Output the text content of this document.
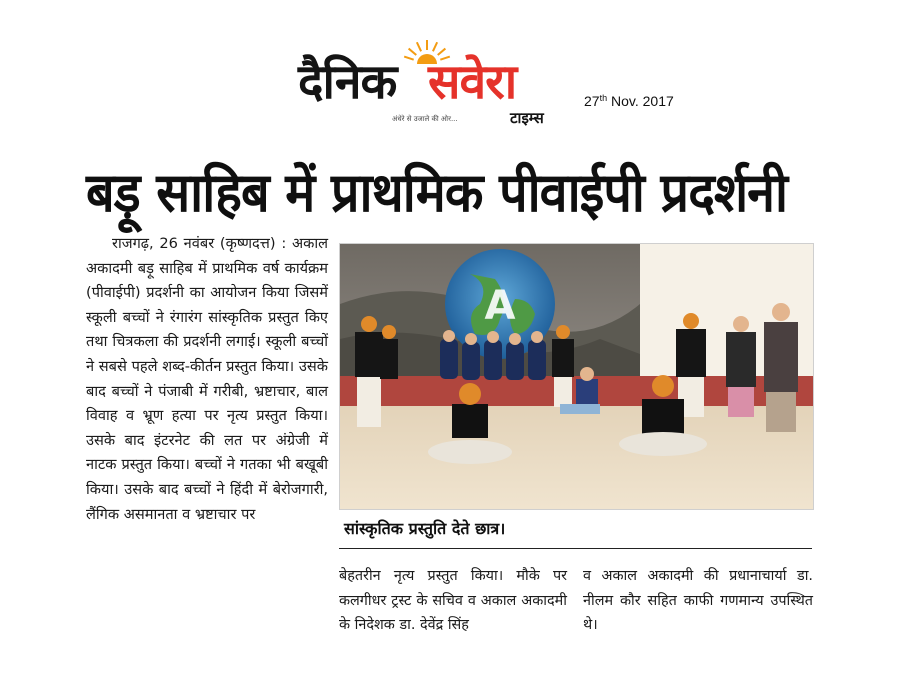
दैनिक सवेरा
अंधेरे से उजाले की ओर...	टाइम्स
27th Nov. 2017
बड़ू साहिब में प्राथमिक पीवाईपी प्रदर्शनी

राजगढ़, 26 नवंबर (कृष्णदत्त) : अकाल अकादमी बड़ू साहिब में प्राथमिक वर्ष कार्यक्रम (पीवाईपी) प्रदर्शनी का आयोजन किया जिसमें स्कूली बच्चों ने रंगारंग सांस्कृतिक प्रस्तुत किए तथा चित्रकला की प्रदर्शनी लगाई। स्कूली बच्चों ने सबसे पहले शब्द-कीर्तन प्रस्तुत किया। उसके बाद बच्चों ने पंजाबी में गरीबी, भ्रष्टाचार, बाल विवाह व भ्रूण हत्या पर नृत्य प्रस्तुत किया। उसके बाद इंटरनेट की लत पर अंग्रेजी में नाटक प्रस्तुत किया। बच्चों ने गतका भी बखूबी किया। उसके बाद बच्चों ने हिंदी में बेरोजगारी, लैंगिक असमानता व भ्रष्टाचार पर

A
सांस्कृतिक प्रस्तुति देते छात्र।

बेहतरीन नृत्य प्रस्तुत किया। मौके पर कलगीधर ट्रस्ट के सचिव व अकाल अकादमी के निदेशक डा. देवेंद्र सिंह

व अकाल अकादमी की प्रधानाचार्या डा. नीलम कौर सहित काफी गणमान्य उपस्थित थे।
